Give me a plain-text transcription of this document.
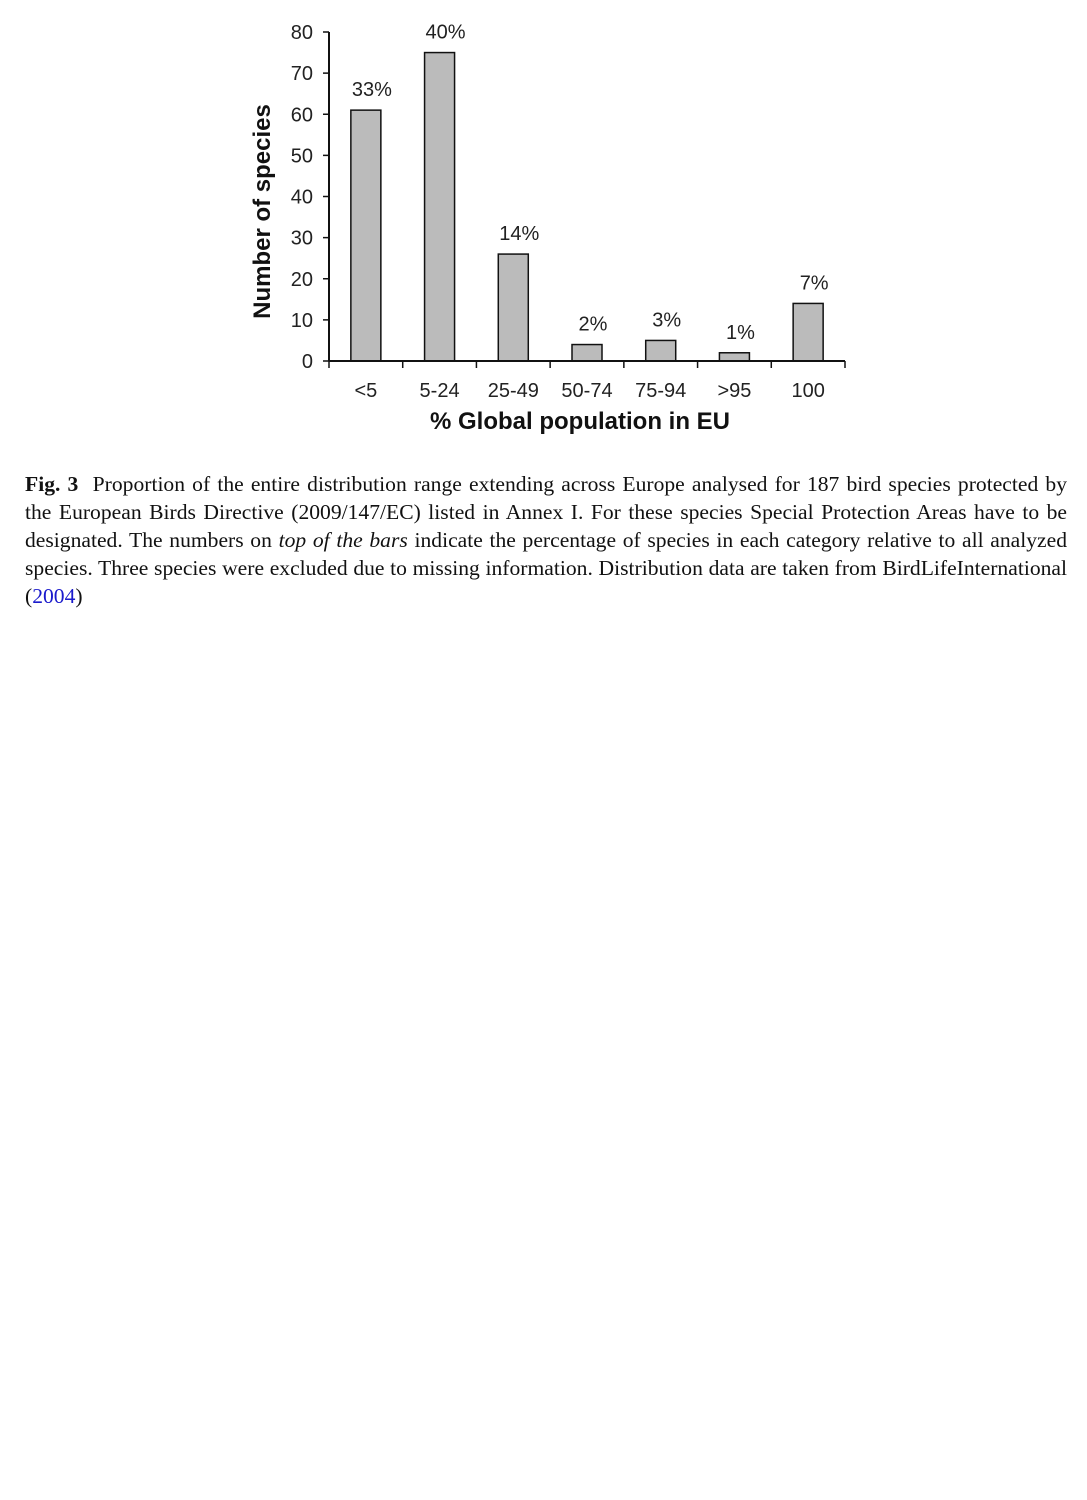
0
10
20
30
40
50
60
70
80
33%
40%
14%
2% 3%
1%
7%
<5 5-24 25-49 50-74 75-94 >95 100
Number of species
% Global population in EU
Fig. 3 Proportion of the entire distribution range extending across Europe analysed for 187 bird species protected by the European Birds Directive (2009/147/EC) listed in Annex I. For these species Special Protection Areas have to be designated. The numbers on top of the bars indicate the percentage of species in each category relative to all analyzed species. Three species were excluded due to missing information. Distribution data are taken from BirdLifeInternational (2004)
